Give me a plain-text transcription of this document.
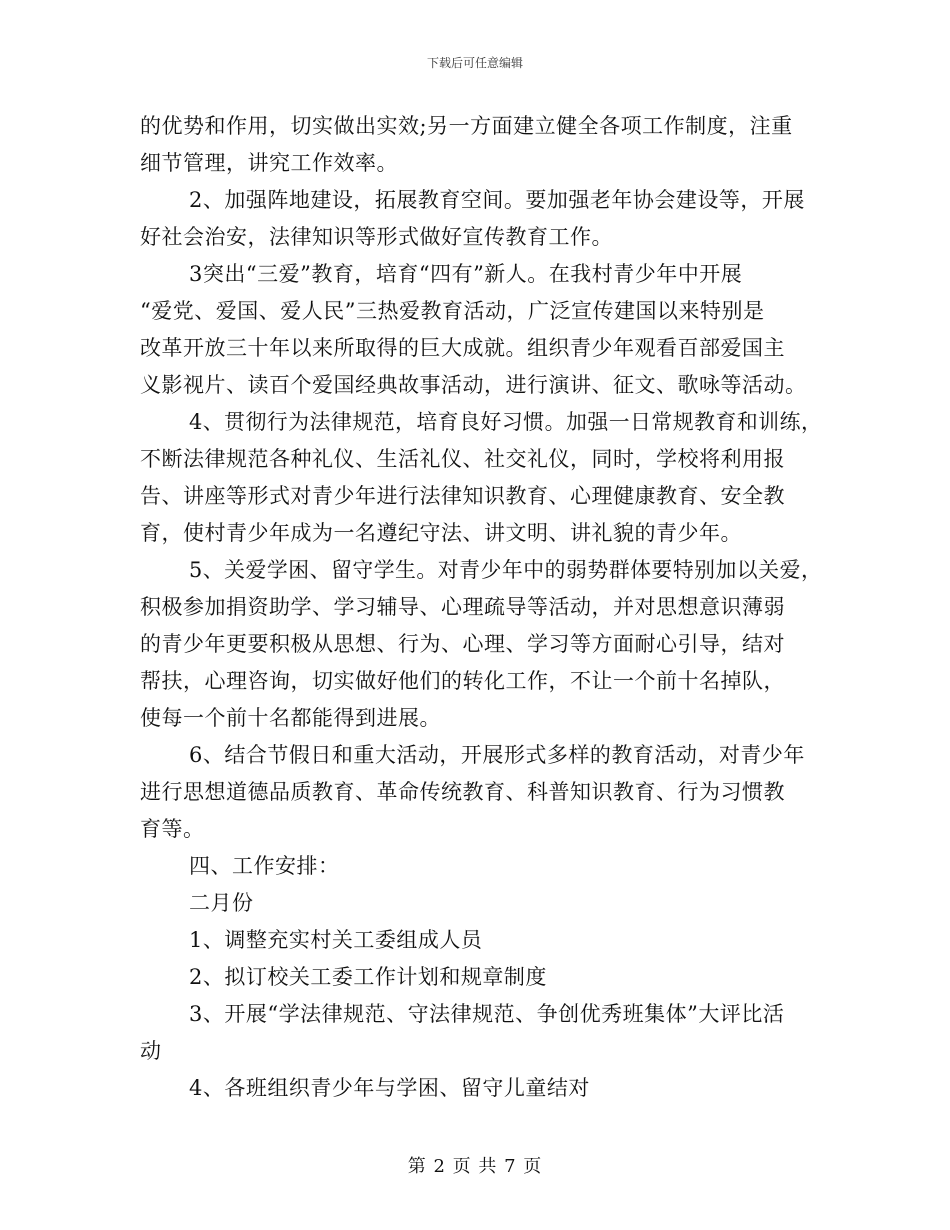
下载后可任意编辑
的优势和作用，切实做出实效;另一方面建立健全各项工作制度，注重
细节管理，讲究工作效率。
2、加强阵地建设，拓展教育空间。要加强老年协会建设等，开展
好社会治安，法律知识等形式做好宣传教育工作。
3突出“三爱”教育，培育“四有”新人。在我村青少年中开展
“爱党、爱国、爱人民”三热爱教育活动，广泛宣传建国以来特别是
改革开放三十年以来所取得的巨大成就。组织青少年观看百部爱国主
义影视片、读百个爱国经典故事活动，进行演讲、征文、歌咏等活动。
4、贯彻行为法律规范，培育良好习惯。加强一日常规教育和训练，
不断法律规范各种礼仪、生活礼仪、社交礼仪，同时，学校将利用报
告、讲座等形式对青少年进行法律知识教育、心理健康教育、安全教
育，使村青少年成为一名遵纪守法、讲文明、讲礼貌的青少年。
5、关爱学困、留守学生。对青少年中的弱势群体要特别加以关爱，
积极参加捐资助学、学习辅导、心理疏导等活动，并对思想意识薄弱
的青少年更要积极从思想、行为、心理、学习等方面耐心引导，结对
帮扶，心理咨询，切实做好他们的转化工作，不让一个前十名掉队，
使每一个前十名都能得到进展。
6、结合节假日和重大活动，开展形式多样的教育活动，对青少年
进行思想道德品质教育、革命传统教育、科普知识教育、行为习惯教
育等。
四、工作安排：
二月份
1、调整充实村关工委组成人员
2、拟订校关工委工作计划和规章制度
3、开展“学法律规范、守法律规范、争创优秀班集体”大评比活
动
4、各班组织青少年与学困、留守儿童结对
第 2 页 共 7 页
